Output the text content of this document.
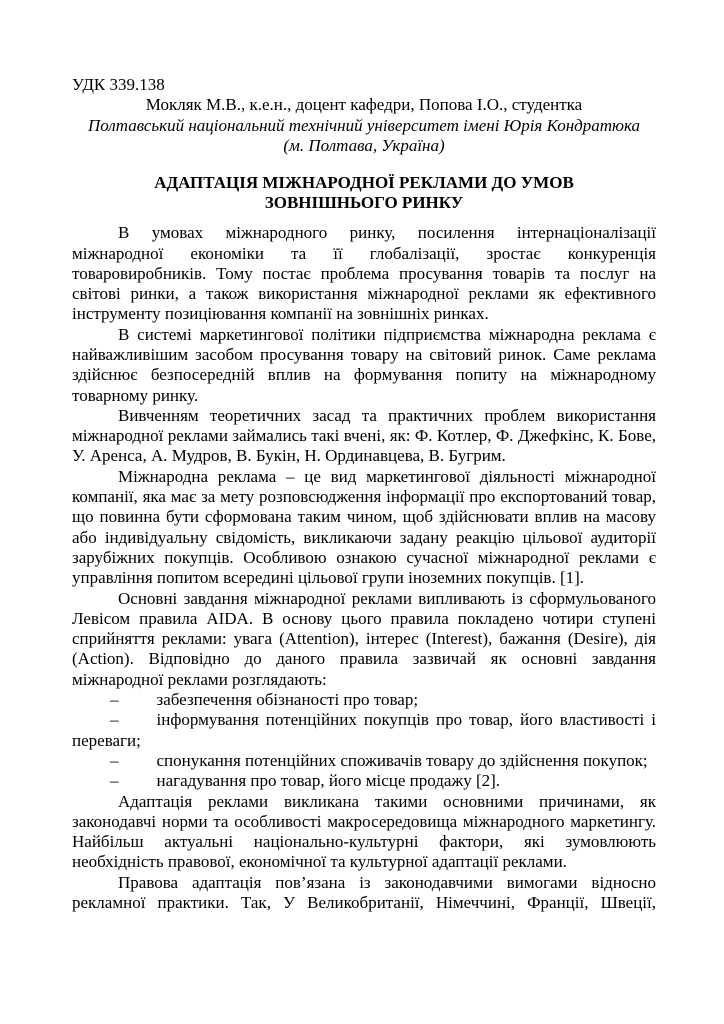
УДК 339.138
Мокляк М.В., к.е.н., доцент кафедри, Попова І.О., студентка
Полтавський національний технічний університет імені Юрія Кондратюка
(м. Полтава, Україна)
АДАПТАЦІЯ МІЖНАРОДНОЇ РЕКЛАМИ ДО УМОВ
ЗОВНІШНЬОГО РИНКУ

В умовах міжнародного ринку, посилення інтернаціоналізації міжнародної економіки та її глобалізації, зростає конкуренція товаровиробників. Тому постає проблема просування товарів та послуг на світові ринки, а також використання міжнародної реклами як ефективного інструменту позиціювання компанії на зовнішніх ринках.

В системі маркетингової політики підприємства міжнародна реклама є найважливішим засобом просування товару на світовий ринок. Саме реклама здійснює безпосередній вплив на формування попиту на міжнародному товарному ринку.

Вивченням теоретичних засад та практичних проблем використання міжнародної реклами займались такі вчені, як: Ф. Котлер, Ф. Джефкінс, К. Бове, У. Аренса, А. Мудров, В. Букін, Н. Ординавцева, В. Бугрим.

Міжнародна реклама – це вид маркетингової діяльності міжнародної компанії, яка має за мету розповсюдження інформації про експортований товар, що повинна бути сформована таким чином, щоб здійснювати вплив на масову або індивідуальну свідомість, викликаючи задану реакцію цільової аудиторії зарубіжних покупців. Особливою ознакою сучасної міжнародної реклами є управління попитом всередині цільової групи іноземних покупців. [1].

Основні завдання міжнародної реклами випливають із сформульованого Левісом правила AIDA. В основу цього правила покладено чотири ступені сприйняття реклами: увага (Attention), інтерес (Interest), бажання (Desire), дія (Action). Відповідно до даного правила зазвичай як основні завдання міжнародної реклами розглядають:

– забезпечення обізнаності про товар;

– інформування потенційних покупців про товар, його властивості і переваги;

– спонукання потенційних споживачів товару до здійснення покупок;

– нагадування про товар, його місце продажу [2].

Адаптація реклами викликана такими основними причинами, як законодавчі норми та особливості макросередовища міжнародного маркетингу. Найбільш актуальні національно-культурні фактори, які зумовлюють необхідність правової, економічної та культурної адаптації реклами.

Правова адаптація пов’язана із законодавчими вимогами відносно рекламної практики. Так, У Великобританії, Німеччині, Франції, Швеції,
